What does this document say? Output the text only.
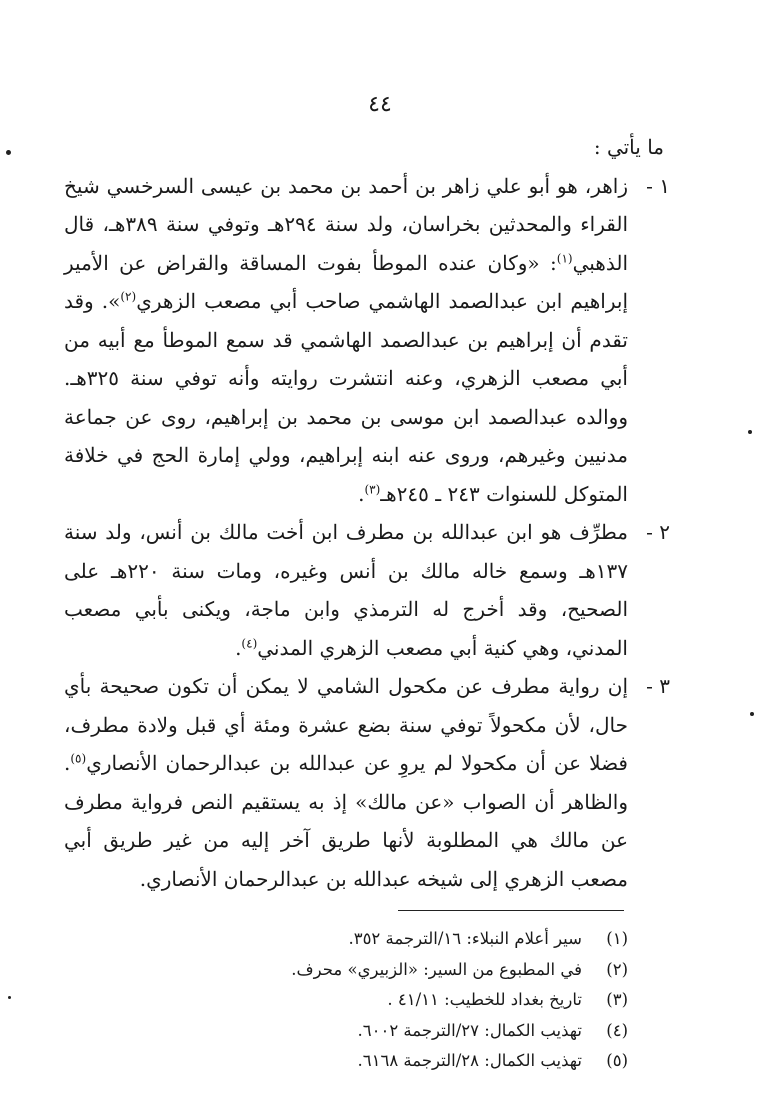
٤٤

ما يأتي :

١ -
زاهر، هو أبو علي زاهر بن أحمد بن محمد بن عيسى السرخسي شيخ القراء والمحدثين بخراسان، ولد سنة ٢٩٤هـ وتوفي سنة ٣٨٩هـ، قال الذهبي$^{(١)}$: «وكان عنده الموطأ بفوت المساقة والقراض عن الأمير إبراهيم ابن عبدالصمد الهاشمي صاحب أبي مصعب الزهري$^{(٢)}$». وقد تقدم أن إبراهيم بن عبدالصمد الهاشمي قد سمع الموطأ مع أبيه من أبي مصعب الزهري، وعنه انتشرت روايته وأنه توفي سنة ٣٢٥هـ. ووالده عبدالصمد ابن موسى بن محمد بن إبراهيم، روى عن جماعة مدنيين وغيرهم، وروى عنه ابنه إبراهيم، وولي إمارة الحج في خلافة المتوكل للسنوات ٢٤٣ ـ ٢٤٥هـ$^{(٣)}$.

٢ -
مطرِّف هو ابن عبدالله بن مطرف ابن أخت مالك بن أنس، ولد سنة ١٣٧هـ وسمع خاله مالك بن أنس وغيره، ومات سنة ٢٢٠هـ على الصحيح، وقد أخرج له الترمذي وابن ماجة، ويكنى بأبي مصعب المدني، وهي كنية أبي مصعب الزهري المدني$^{(٤)}$.

٣ -
إن رواية مطرف عن مكحول الشامي لا يمكن أن تكون صحيحة بأي حال، لأن مكحولاً توفي سنة بضع عشرة ومئة أي قبل ولادة مطرف، فضلا عن أن مكحولا لم يروِ عن عبدالله بن عبدالرحمان الأنصاري$^{(٥)}$. والظاهر أن الصواب «عن مالك» إذ به يستقيم النص فرواية مطرف عن مالك هي المطلوبة لأنها طريق آخر إليه من غير طريق أبي مصعب الزهري إلى شيخه عبدالله بن عبدالرحمان الأنصاري.

(١)
سير أعلام النبلاء: ١٦/الترجمة ٣٥٢.
(٢)
في المطبوع من السير: «الزبيري» محرف.
(٣)
تاريخ بغداد للخطيب: ٤١/١١ .
(٤)
تهذيب الكمال: ٢٧/الترجمة ٦٠٠٢.
(٥)
تهذيب الكمال: ٢٨/الترجمة ٦١٦٨.
